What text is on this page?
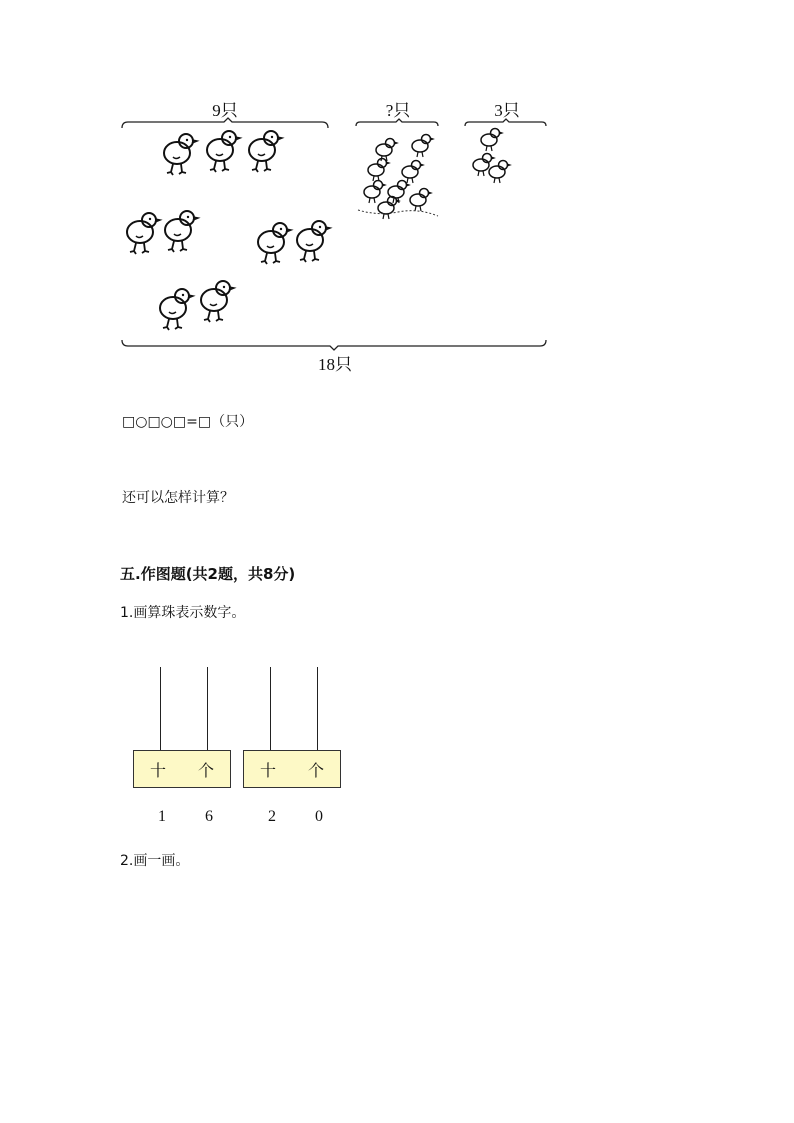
9只	?只	3只
18只
□○□○□=□（只）
还可以怎样计算？
五.作图题(共2题，共8分)
1.画算珠表示数字。
十 个
1	6
十 个
2	0
2.画一画。
